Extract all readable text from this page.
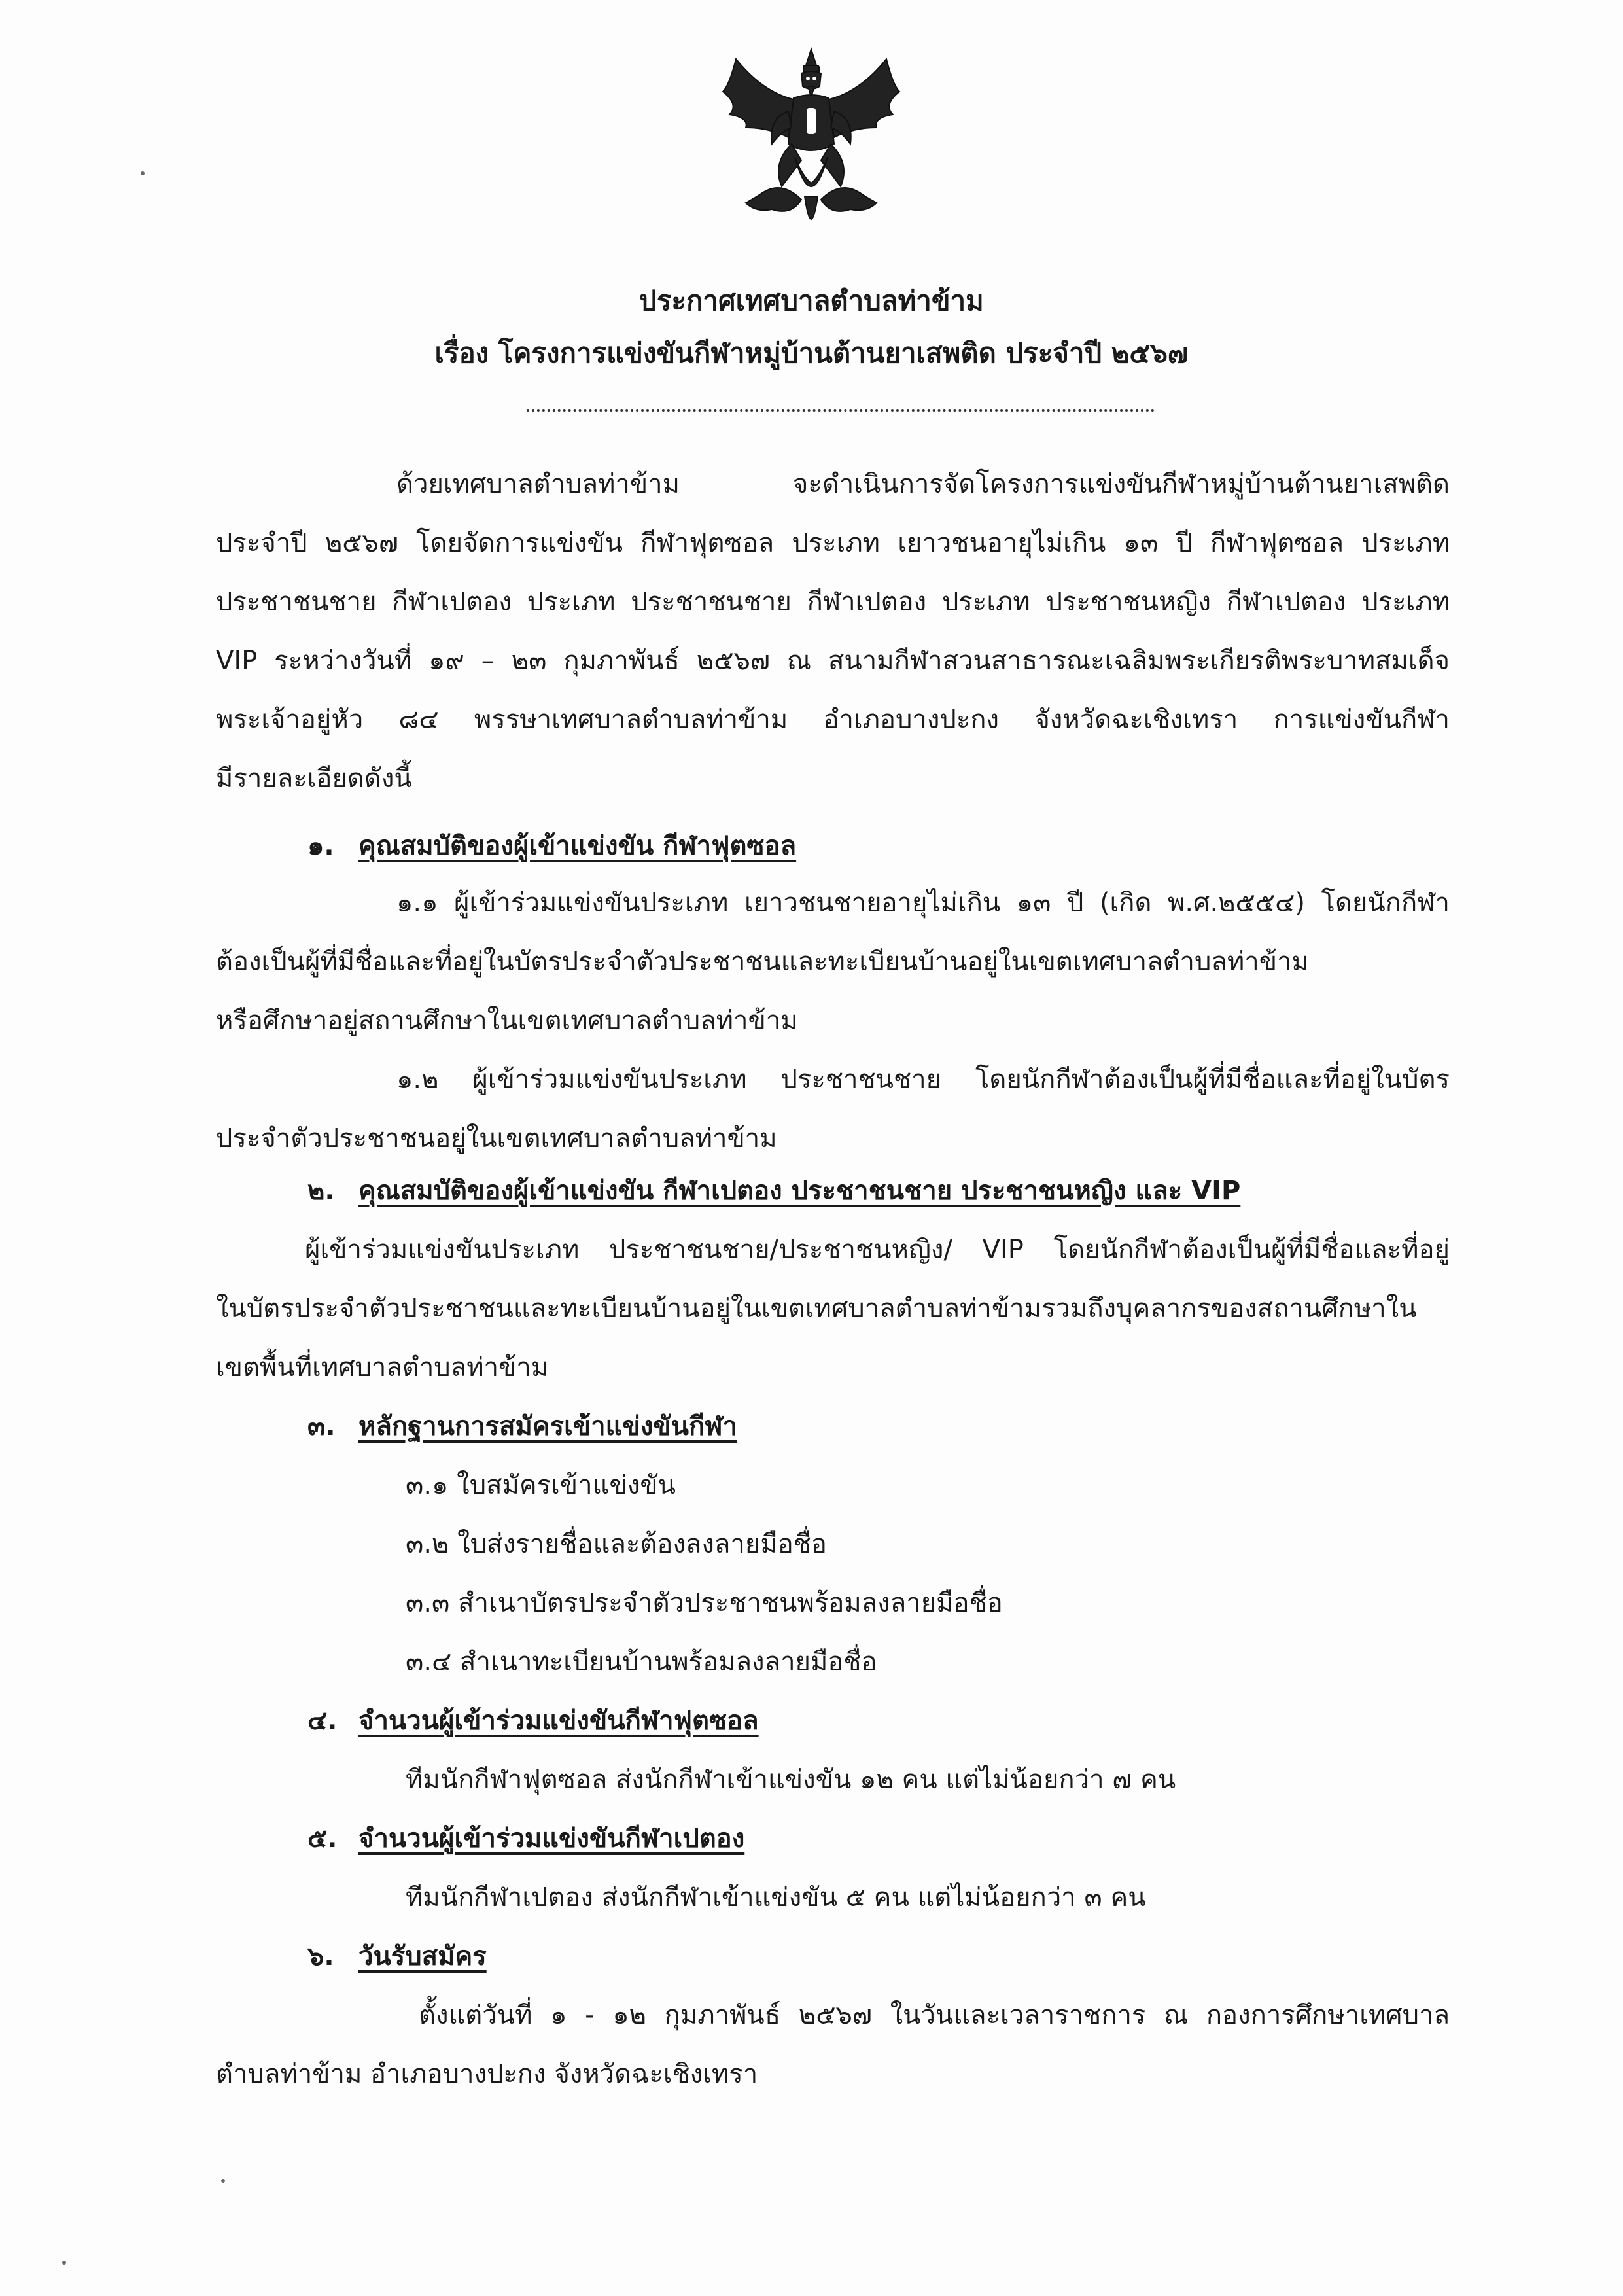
ประกาศเทศบาลตำบลท่าข้าม
เรื่อง โครงการแข่งขันกีฬาหมู่บ้านต้านยาเสพติด ประจำปี ๒๕๖๗
ด้วยเทศบาลตำบลท่าข้าม จะดำเนินการจัดโครงการแข่งขันกีฬาหมู่บ้านต้านยาเสพติด
ประจำปี ๒๕๖๗ โดยจัดการแข่งขัน กีฬาฟุตซอล ประเภท เยาวชนอายุไม่เกิน ๑๓ ปี กีฬาฟุตซอล ประเภท
ประชาชนชาย กีฬาเปตอง ประเภท ประชาชนชาย กีฬาเปตอง ประเภท ประชาชนหญิง กีฬาเปตอง ประเภท
VIP ระหว่างวันที่ ๑๙ – ๒๓ กุมภาพันธ์ ๒๕๖๗ ณ สนามกีฬาสวนสาธารณะเฉลิมพระเกียรติพระบาทสมเด็จ
พระเจ้าอยู่หัว ๘๔ พรรษาเทศบาลตำบลท่าข้าม อำเภอบางปะกง จังหวัดฉะเชิงเทรา การแข่งขันกีฬา
มีรายละเอียดดังนี้
๑. คุณสมบัติของผู้เข้าแข่งขัน กีฬาฟุตซอล
๑.๑ ผู้เข้าร่วมแข่งขันประเภท เยาวชนชายอายุไม่เกิน ๑๓ ปี (เกิด พ.ศ.๒๕๕๔) โดยนักกีฬา
ต้องเป็นผู้ที่มีชื่อและที่อยู่ในบัตรประจำตัวประชาชนและทะเบียนบ้านอยู่ในเขตเทศบาลตำบลท่าข้าม
หรือศึกษาอยู่สถานศึกษาในเขตเทศบาลตำบลท่าข้าม
๑.๒ ผู้เข้าร่วมแข่งขันประเภท ประชาชนชาย โดยนักกีฬาต้องเป็นผู้ที่มีชื่อและที่อยู่ในบัตร
ประจำตัวประชาชนอยู่ในเขตเทศบาลตำบลท่าข้าม
๒. คุณสมบัติของผู้เข้าแข่งขัน กีฬาเปตอง ประชาชนชาย ประชาชนหญิง และ VIP
ผู้เข้าร่วมแข่งขันประเภท ประชาชนชาย/ประชาชนหญิง/ VIP โดยนักกีฬาต้องเป็นผู้ที่มีชื่อและที่อยู่
ในบัตรประจำตัวประชาชนและทะเบียนบ้านอยู่ในเขตเทศบาลตำบลท่าข้ามรวมถึงบุคลากรของสถานศึกษาใน
เขตพื้นที่เทศบาลตำบลท่าข้าม
๓. หลักฐานการสมัครเข้าแข่งขันกีฬา
๓.๑ ใบสมัครเข้าแข่งขัน
๓.๒ ใบส่งรายชื่อและต้องลงลายมือชื่อ
๓.๓ สำเนาบัตรประจำตัวประชาชนพร้อมลงลายมือชื่อ
๓.๔ สำเนาทะเบียนบ้านพร้อมลงลายมือชื่อ
๔. จำนวนผู้เข้าร่วมแข่งขันกีฬาฟุตซอล
ทีมนักกีฬาฟุตซอล ส่งนักกีฬาเข้าแข่งขัน ๑๒ คน แต่ไม่น้อยกว่า ๗ คน
๕. จำนวนผู้เข้าร่วมแข่งขันกีฬาเปตอง
ทีมนักกีฬาเปตอง ส่งนักกีฬาเข้าแข่งขัน ๕ คน แต่ไม่น้อยกว่า ๓ คน
๖. วันรับสมัคร
ตั้งแต่วันที่ ๑ - ๑๒ กุมภาพันธ์ ๒๕๖๗ ในวันและเวลาราชการ ณ กองการศึกษาเทศบาล
ตำบลท่าข้าม อำเภอบางปะกง จังหวัดฉะเชิงเทรา
